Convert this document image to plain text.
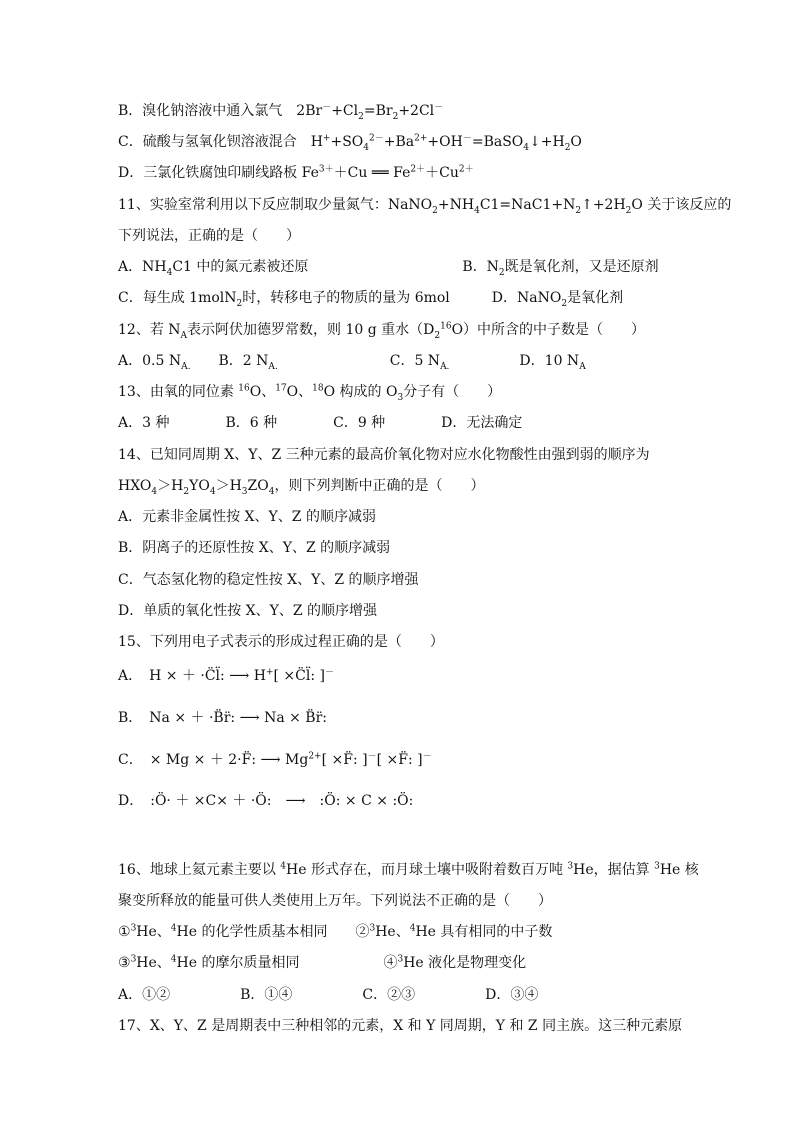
B．溴化钠溶液中通入氯气　$2Br^-+Cl_2=Br_2+2Cl^-$
C．硫酸与氢氧化钡溶液混合　$H^++SO_4^{2-}+Ba^{2+}+OH^-=BaSO_4↓+H_2O$
D．三氯化铁腐蚀印刷线路板 $Fe^{3+}+Cu$ ══ $Fe^{2+}+Cu^{2+}$
11、实验室常利用以下反应制取少量氮气：$NaNO_2+NH_4C1=NaC1+N_2↑+2H_2O$ 关于该反应的
下列说法，正确的是（　　）
A．$NH_4C1$ 中的氮元素被还原　　　　　　　　　　　B．$N_2$既是氧化剂，又是还原剂
C．每生成 1molN$_2$时，转移电子的物质的量为 6mol　　　D．NaNO$_2$是氧化剂
12、若 $N_A$表示阿伏加德罗常数，则 10 g 重水$(D_2^{16}O)$中所含的中子数是（　　）
A．0.5 $N_{A.}$　　B．2 $N_{A.}$　　　　　　　　C．5 $N_{A.}$　　　　　D．10 $N_A$
13、由氧的同位素 $^{16}$O、$^{17}$O、$^{18}$O 构成的 $O_3$分子有（　　）
A．3 种　　　　B．6 种　　　　C．9 种　　　　D．无法确定
14、已知同周期 X、Y、Z 三种元素的最高价氧化物对应水化物酸性由强到弱的顺序为
$HXO_4>H_2YO_4>H_3ZO_4$，则下列判断中正确的是（　　）
A．元素非金属性按 X、Y、Z 的顺序减弱
B．阴离子的还原性按 X、Y、Z 的顺序减弱
C．气态氢化物的稳定性按 X、Y、Z 的顺序增强
D．单质的氧化性按 X、Y、Z 的顺序增强
15、下列用电子式表示的形成过程正确的是（　　）
A．　H × ＋ ·C̈l̈: ⟶ H+[ ×C̈l̈: ]－
B．　Na × ＋ ·B̈r̈: ⟶ Na × B̈r̈:
C．　× Mg × ＋ 2·F̈: ⟶ $Mg^{2+}$[ ×F̈: ]－[ ×F̈: ]－
D．　:Ö· ＋ ×C× ＋ ·Ö:　⟶　:Ö: × C × :Ö:
16、地球上氦元素主要以 $^4$He 形式存在，而月球土壤中吸附着数百万吨 $^3$He，据估算 $^3$He 核
聚变所释放的能量可供人类使用上万年。下列说法不正确的是（　　）
①$^3$He、$^4$He 的化学性质基本相同　　②$^3$He、$^4$He 具有相同的中子数
③$^3$He、$^4$He 的摩尔质量相同　　　　　　④$^3$He 液化是物理变化
A．①②　　　　　B．①④　　　　　C．②③　　　　　D．③④
17、X、Y、Z 是周期表中三种相邻的元素，X 和 Y 同周期，Y 和 Z 同主族。这三种元素原
